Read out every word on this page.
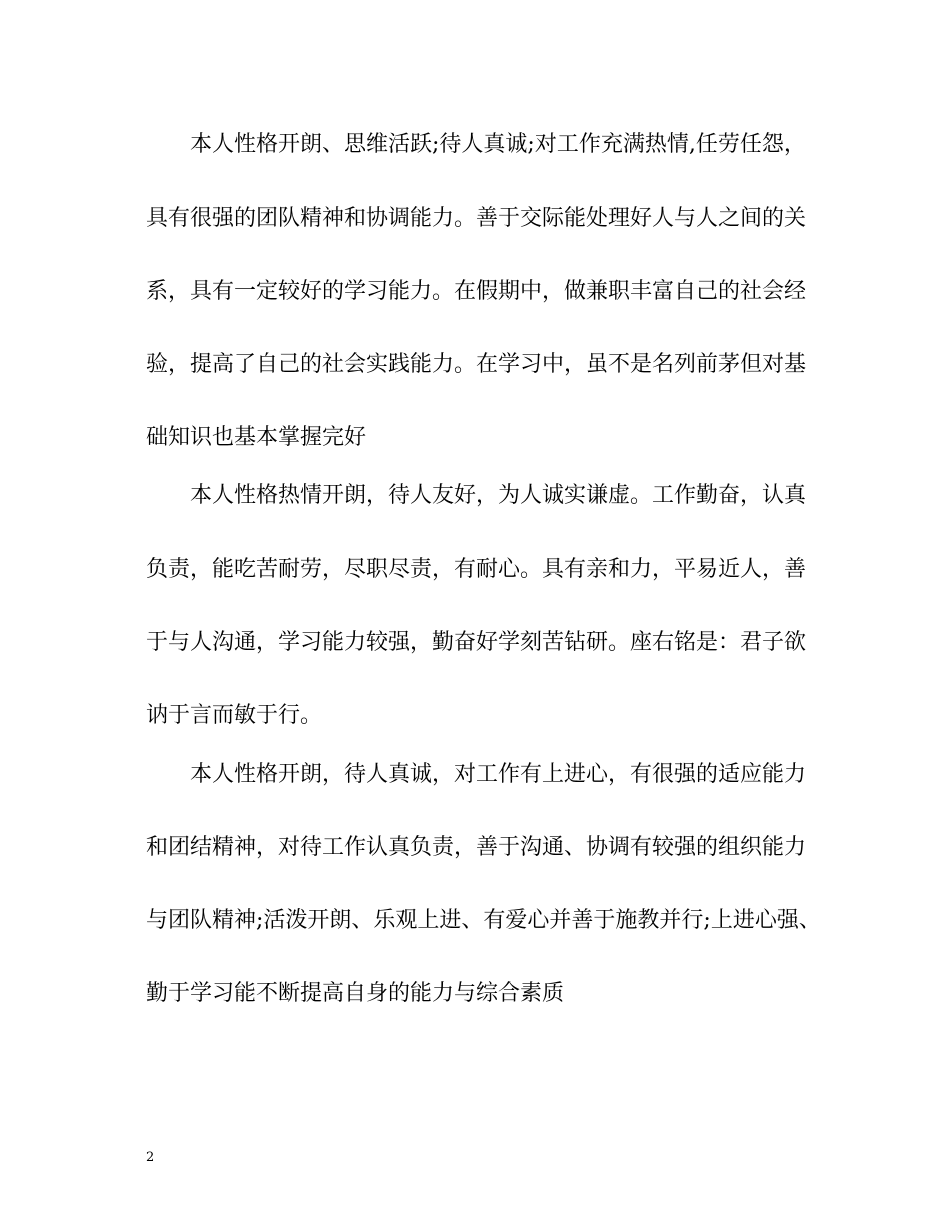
本人性格开朗、思维活跃;待人真诚;对工作充满热情,任劳任怨，
具有很强的团队精神和协调能力。善于交际能处理好人与人之间的关
系，具有一定较好的学习能力。在假期中，做兼职丰富自己的社会经
验，提高了自己的社会实践能力。在学习中，虽不是名列前茅但对基
础知识也基本掌握完好
本人性格热情开朗，待人友好，为人诚实谦虚。工作勤奋，认真
负责，能吃苦耐劳，尽职尽责，有耐心。具有亲和力，平易近人，善
于与人沟通，学习能力较强，勤奋好学刻苦钻研。座右铭是：君子欲
讷于言而敏于行。
本人性格开朗，待人真诚，对工作有上进心，有很强的适应能力
和团结精神，对待工作认真负责，善于沟通、协调有较强的组织能力
与团队精神;活泼开朗、乐观上进、有爱心并善于施教并行;上进心强、
勤于学习能不断提高自身的能力与综合素质
2
